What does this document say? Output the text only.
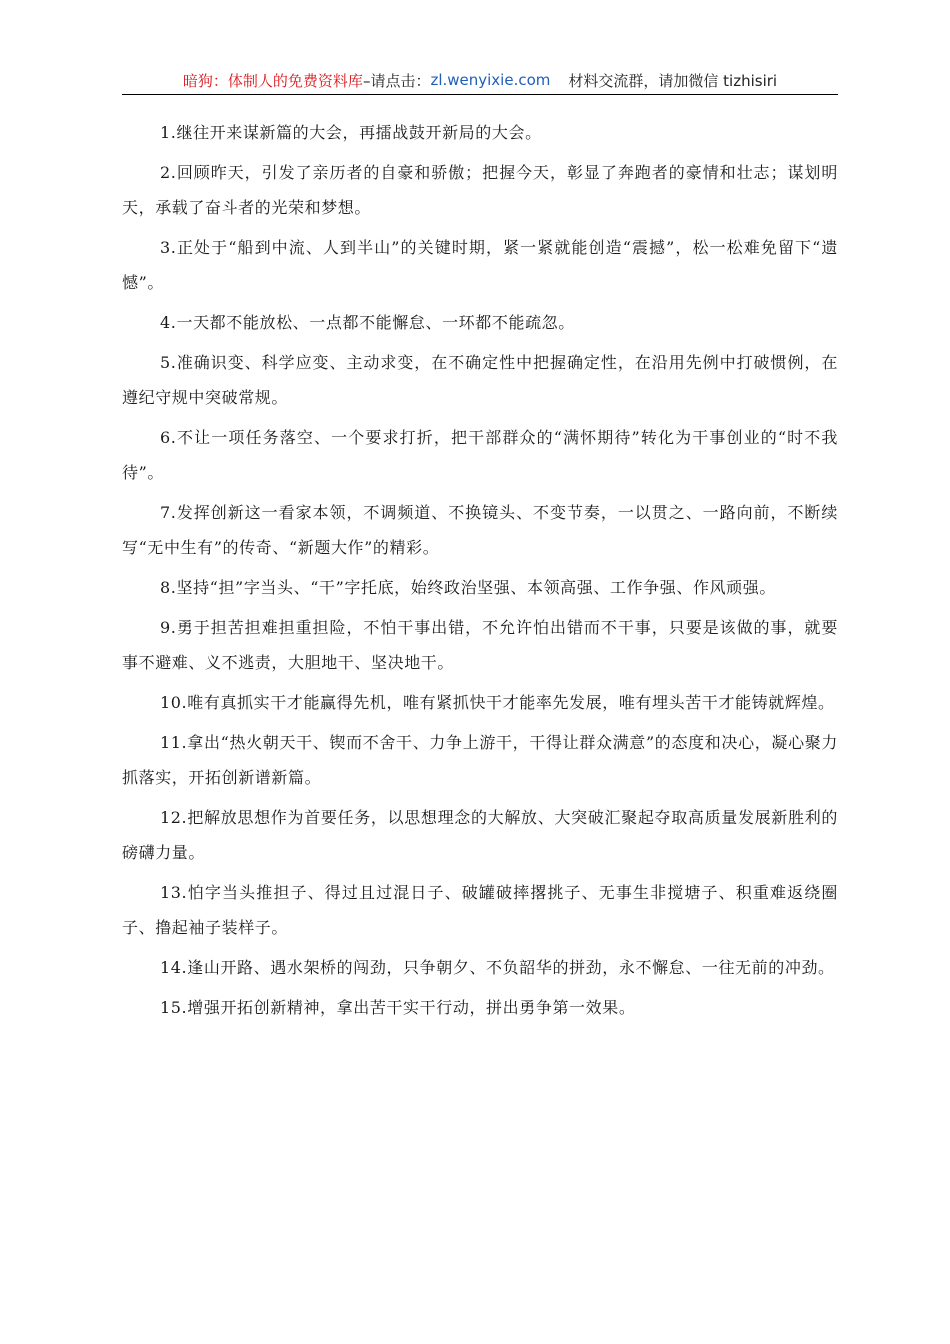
暗狗：体制人的免费资料库 –请点击： zl.wenyixie.com 材料交流群，请加微信 tizhisiri

1.继往开来谋新篇的大会，再擂战鼓开新局的大会。

2.回顾昨天，引发了亲历者的自豪和骄傲；把握今天，彰显了奔跑者的豪情和壮志；谋划明天，承载了奋斗者的光荣和梦想。

3.正处于“船到中流、人到半山”的关键时期，紧一紧就能创造“震撼”，松一松难免留下“遗憾”。

4.一天都不能放松、一点都不能懈怠、一环都不能疏忽。

5.准确识变、科学应变、主动求变，在不确定性中把握确定性，在沿用先例中打破惯例，在遵纪守规中突破常规。

6.不让一项任务落空、一个要求打折，把干部群众的“满怀期待”转化为干事创业的“时不我待”。

7.发挥创新这一看家本领，不调频道、不换镜头、不变节奏，一以贯之、一路向前，不断续写“无中生有”的传奇、“新题大作”的精彩。

8.坚持“担”字当头、“干”字托底，始终政治坚强、本领高强、工作争强、作风顽强。

9.勇于担苦担难担重担险，不怕干事出错，不允许怕出错而不干事，只要是该做的事，就要事不避难、义不逃责，大胆地干、坚决地干。

10.唯有真抓实干才能赢得先机，唯有紧抓快干才能率先发展，唯有埋头苦干才能铸就辉煌。

11.拿出“热火朝天干、锲而不舍干、力争上游干，干得让群众满意”的态度和决心，凝心聚力抓落实，开拓创新谱新篇。

12.把解放思想作为首要任务，以思想理念的大解放、大突破汇聚起夺取高质量发展新胜利的磅礴力量。

13.怕字当头推担子、得过且过混日子、破罐破摔撂挑子、无事生非搅塘子、积重难返绕圈子、撸起袖子装样子。

14.逢山开路、遇水架桥的闯劲，只争朝夕、不负韶华的拼劲，永不懈怠、一往无前的冲劲。

15.增强开拓创新精神，拿出苦干实干行动，拼出勇争第一效果。
